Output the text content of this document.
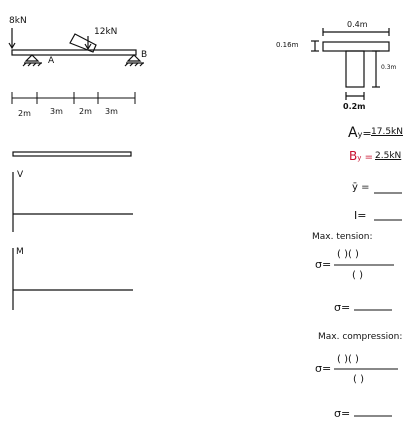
8kN
12kN
A
B
2m 3m 2m 3m
V
M
0.4m
0.16m
0.3m
0.2m
Ay= 17.5kN
By = 2.5kN
ȳ =
I=
Max. tension:
σ=
( )( )
( )
σ=
Max. compression:
σ=
( )( )
( )
σ=
